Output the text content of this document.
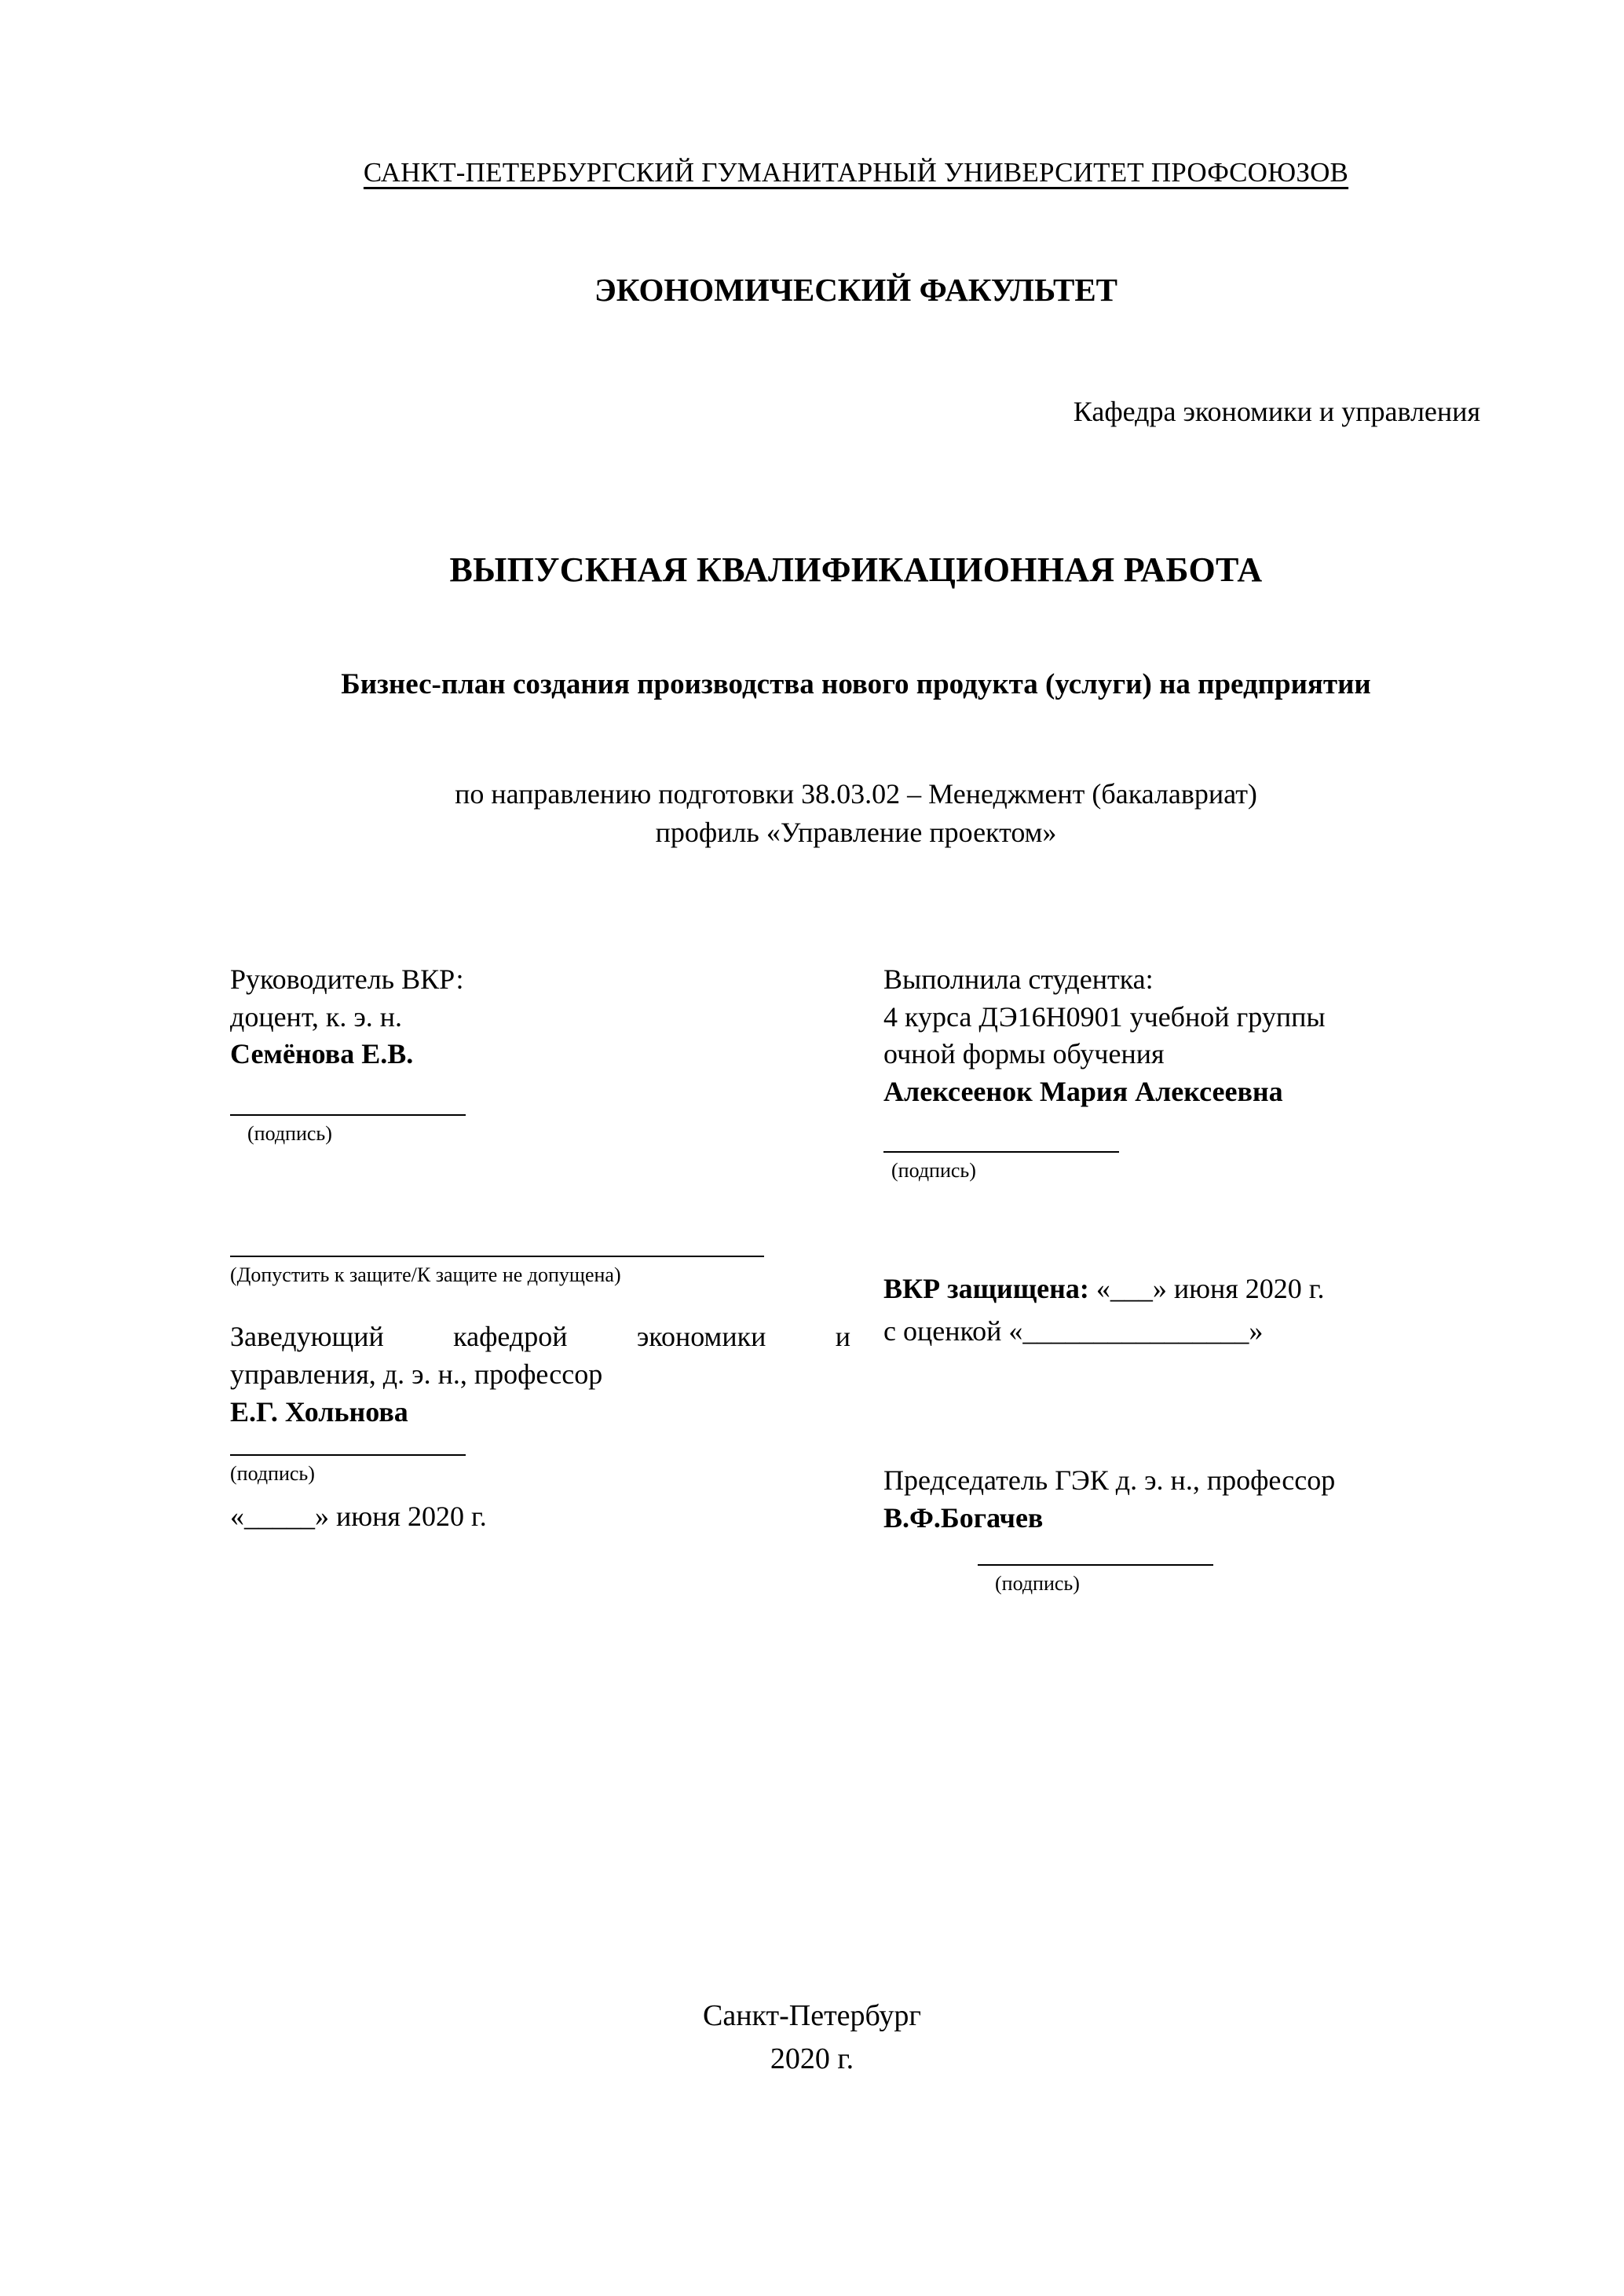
САНКТ-ПЕТЕРБУРГСКИЙ ГУМАНИТАРНЫЙ УНИВЕРСИТЕТ ПРОФСОЮЗОВ
ЭКОНОМИЧЕСКИЙ ФАКУЛЬТЕТ
Кафедра экономики и управления
ВЫПУСКНАЯ КВАЛИФИКАЦИОННАЯ РАБОТА
Бизнес-план создания производства нового продукта (услуги) на предприятии
по направлению подготовки 38.03.02 – Менеджмент (бакалавриат)
профиль «Управление проектом»
Руководитель ВКР:
доцент, к. э. н.
Семёнова Е.В.
(подпись)
(Допустить к защите/К защите не допущена)
Заведующий кафедрой экономики и
управления, д. э. н., профессор
Е.Г. Хольнова
(подпись)
«_____» июня 2020 г.
Выполнила студентка:
4 курса ДЭ16Н0901 учебной группы
очной формы обучения
Алексеенок Мария Алексеевна
(подпись)
ВКР защищена: «___» июня 2020 г.
с оценкой «________________»
Председатель ГЭК д. э. н., профессор
В.Ф.Богачев
(подпись)
Санкт-Петербург
2020 г.
